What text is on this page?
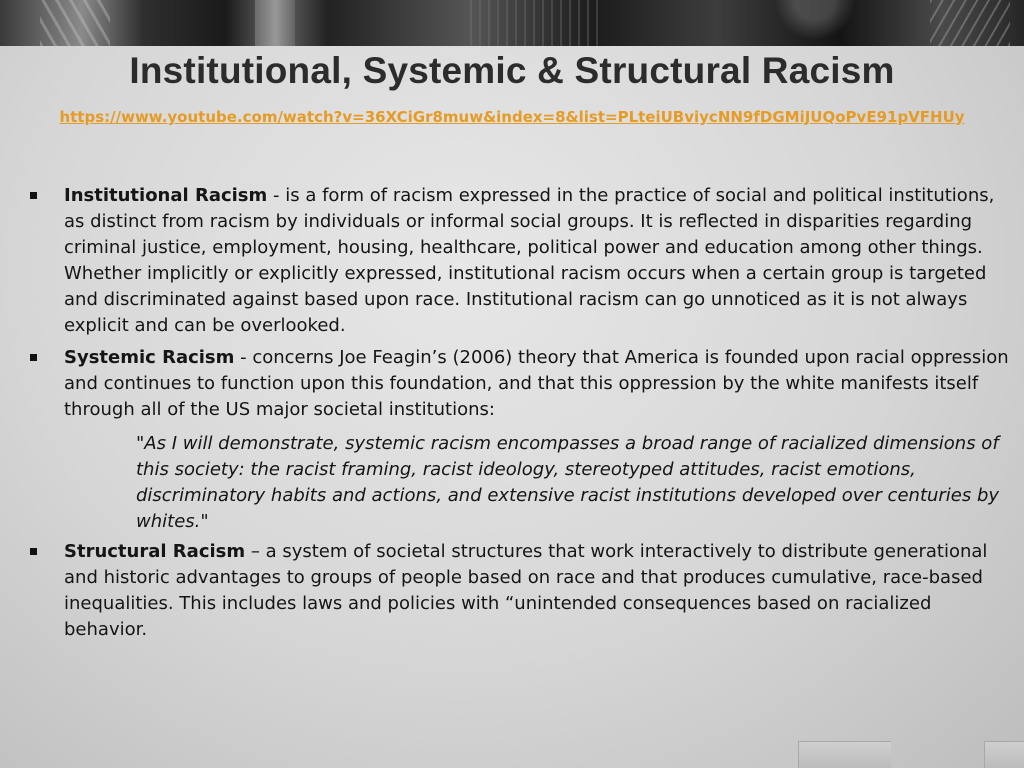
Institutional, Systemic & Structural Racism
https://www.youtube.com/watch?v=36XCiGr8muw&index=8&list=PLteiUBviycNN9fDGMiJUQoPvE91pVFHUy
Institutional Racism - is a form of racism expressed in the practice of social and political institutions, as distinct from racism by individuals or informal social groups. It is reflected in disparities regarding criminal justice, employment, housing, healthcare, political power and education among other things. Whether implicitly or explicitly expressed, institutional racism occurs when a certain group is targeted and discriminated against based upon race. Institutional racism can go unnoticed as it is not always explicit and can be overlooked.
Systemic Racism - concerns Joe Feagin’s (2006) theory that America is founded upon racial oppression and continues to function upon this foundation, and that this oppression by the white manifests itself through all of the US major societal institutions:
"As I will demonstrate, systemic racism encompasses a broad range of racialized dimensions of this society: the racist framing, racist ideology, stereotyped attitudes, racist emotions, discriminatory habits and actions, and extensive racist institutions developed over centuries by whites."
Structural Racism – a system of societal structures that work interactively to distribute generational and historic advantages to groups of people based on race and that produces cumulative, race-based inequalities. This includes laws and policies with “unintended consequences based on racialized behavior.
